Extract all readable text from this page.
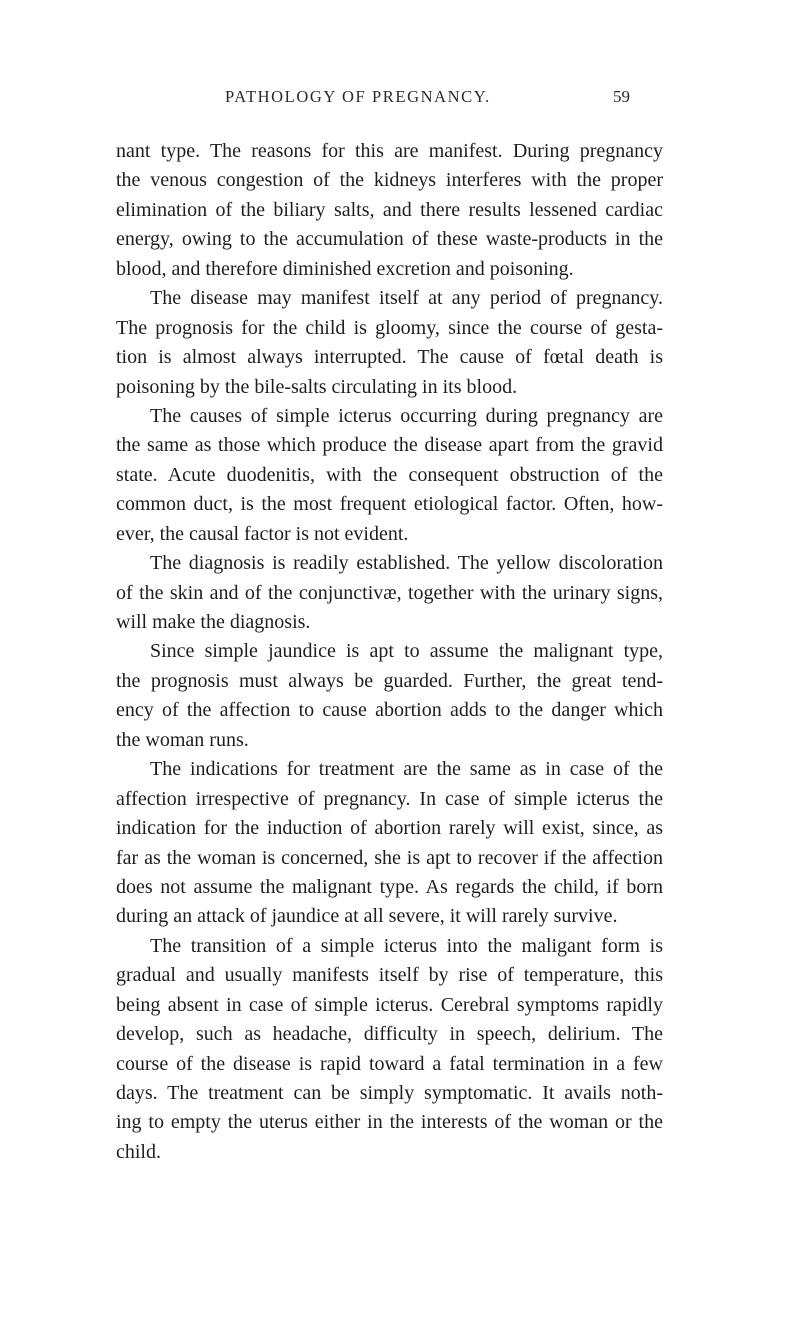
PATHOLOGY OF PREGNANCY.	59
nant type. The reasons for this are manifest. During pregnancy
the venous congestion of the kidneys interferes with the proper
elimination of the biliary salts, and there results lessened cardiac
energy, owing to the accumulation of these waste-products in the
blood, and therefore diminished excretion and poisoning.
The disease may manifest itself at any period of pregnancy.
The prognosis for the child is gloomy, since the course of gesta-
tion is almost always interrupted. The cause of fœtal death is
poisoning by the bile-salts circulating in its blood.
The causes of simple icterus occurring during pregnancy are
the same as those which produce the disease apart from the gravid
state. Acute duodenitis, with the consequent obstruction of the
common duct, is the most frequent etiological factor. Often, how-
ever, the causal factor is not evident.
The diagnosis is readily established. The yellow discoloration
of the skin and of the conjunctivæ, together with the urinary signs,
will make the diagnosis.
Since simple jaundice is apt to assume the malignant type,
the prognosis must always be guarded. Further, the great tend-
ency of the affection to cause abortion adds to the danger which
the woman runs.
The indications for treatment are the same as in case of the
affection irrespective of pregnancy. In case of simple icterus the
indication for the induction of abortion rarely will exist, since, as
far as the woman is concerned, she is apt to recover if the affection
does not assume the malignant type. As regards the child, if born
during an attack of jaundice at all severe, it will rarely survive.
The transition of a simple icterus into the maligant form is
gradual and usually manifests itself by rise of temperature, this
being absent in case of simple icterus. Cerebral symptoms rapidly
develop, such as headache, difficulty in speech, delirium. The
course of the disease is rapid toward a fatal termination in a few
days. The treatment can be simply symptomatic. It avails noth-
ing to empty the uterus either in the interests of the woman or the
child.
